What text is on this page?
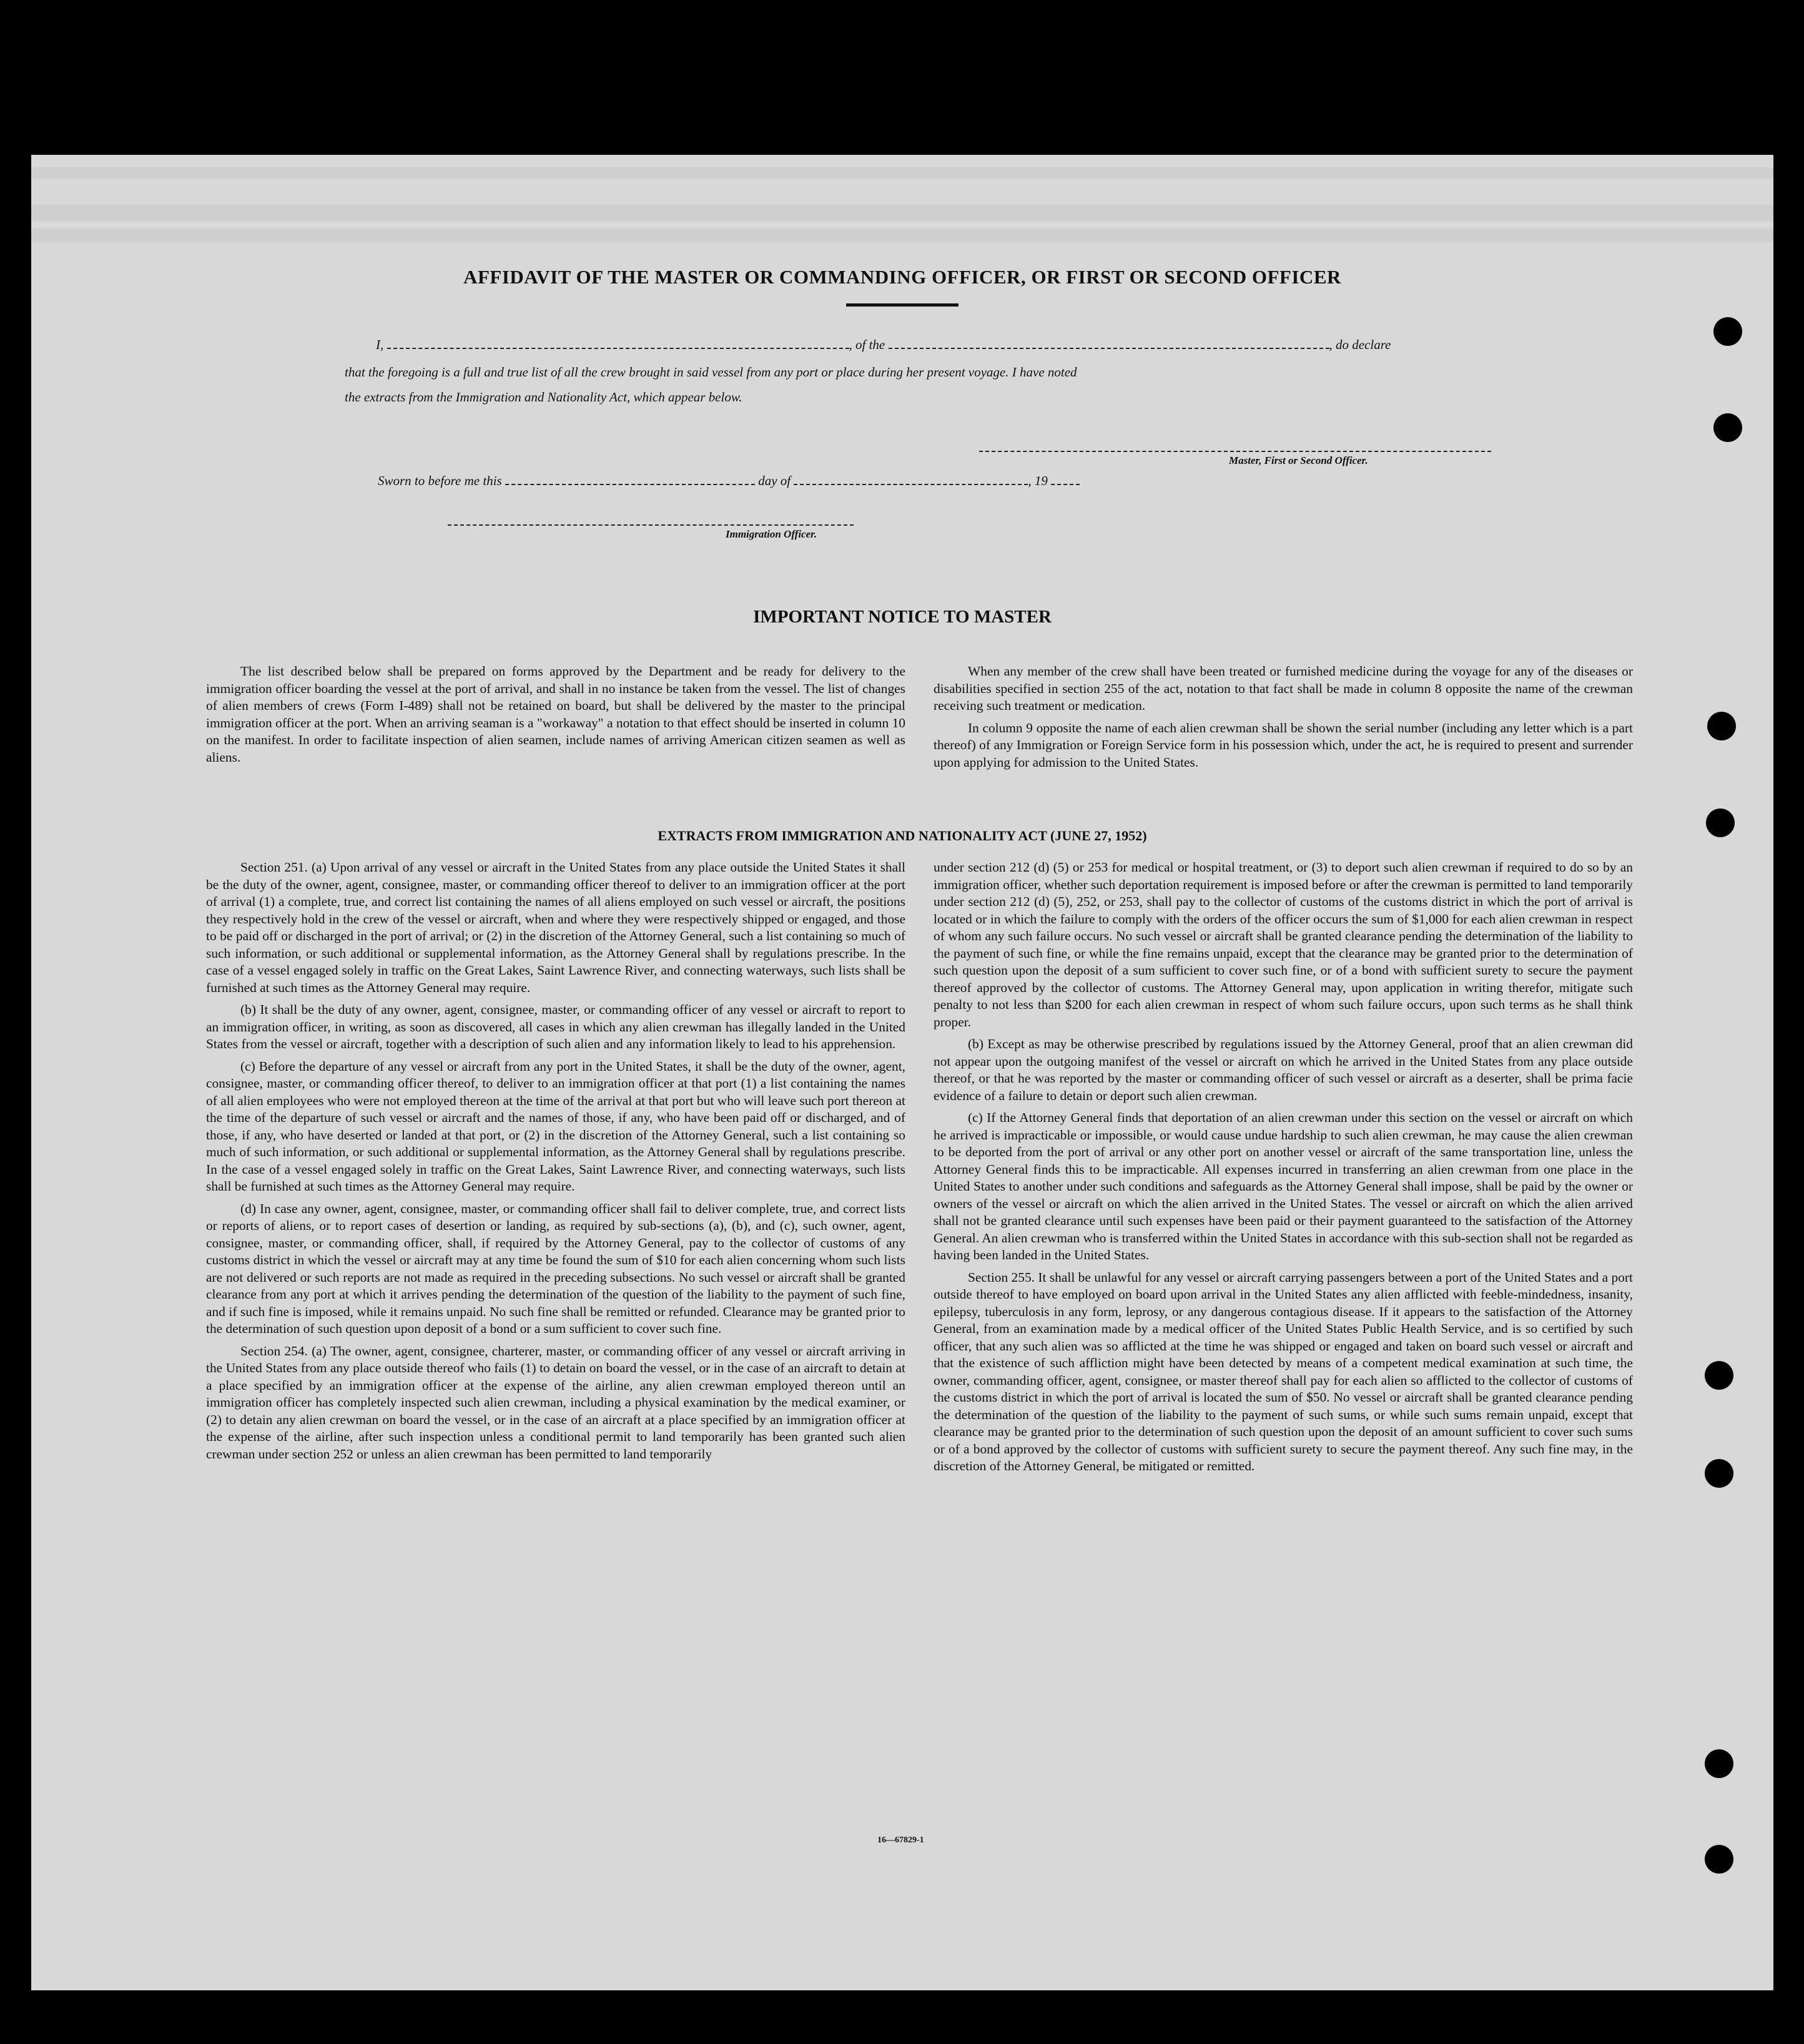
AFFIDAVIT OF THE MASTER OR COMMANDING OFFICER, OR FIRST OR SECOND OFFICER
I,	, of the	, do declare
that the foregoing is a full and true list of all the crew brought in said vessel from any port or place during her present voyage. I have noted
the extracts from the Immigration and Nationality Act, which appear below.
Master, First or Second Officer.
Sworn to before me this	day of	, 19
Immigration Officer.
IMPORTANT NOTICE TO MASTER

The list described below shall be prepared on forms approved by the Department and be ready for delivery to the immigration officer boarding the vessel at the port of arrival, and shall in no instance be taken from the vessel. The list of changes of alien members of crews (Form I-489) shall not be retained on board, but shall be delivered by the master to the principal immigration officer at the port. When an arriving seaman is a "workaway" a notation to that effect should be inserted in column 10 on the manifest. In order to facilitate inspection of alien seamen, include names of arriving American citizen seamen as well as aliens.

When any member of the crew shall have been treated or furnished medicine during the voyage for any of the diseases or disabilities specified in section 255 of the act, notation to that fact shall be made in column 8 opposite the name of the crewman receiving such treatment or medication.

In column 9 opposite the name of each alien crewman shall be shown the serial number (including any letter which is a part thereof) of any Immigration or Foreign Service form in his possession which, under the act, he is required to present and surrender upon applying for admission to the United States.

EXTRACTS FROM IMMIGRATION AND NATIONALITY ACT (JUNE 27, 1952)

Section 251. (a) Upon arrival of any vessel or aircraft in the United States from any place outside the United States it shall be the duty of the owner, agent, consignee, master, or commanding officer thereof to deliver to an immigration officer at the port of arrival (1) a complete, true, and correct list containing the names of all aliens employed on such vessel or aircraft, the positions they respectively hold in the crew of the vessel or aircraft, when and where they were respectively shipped or engaged, and those to be paid off or discharged in the port of arrival; or (2) in the discretion of the Attorney General, such a list containing so much of such information, or such additional or supplemental information, as the Attorney General shall by regulations prescribe. In the case of a vessel engaged solely in traffic on the Great Lakes, Saint Lawrence River, and connecting waterways, such lists shall be furnished at such times as the Attorney General may require.

(b) It shall be the duty of any owner, agent, consignee, master, or commanding officer of any vessel or aircraft to report to an immigration officer, in writing, as soon as discovered, all cases in which any alien crewman has illegally landed in the United States from the vessel or aircraft, together with a description of such alien and any information likely to lead to his apprehension.

(c) Before the departure of any vessel or aircraft from any port in the United States, it shall be the duty of the owner, agent, consignee, master, or commanding officer thereof, to deliver to an immigration officer at that port (1) a list containing the names of all alien employees who were not employed thereon at the time of the arrival at that port but who will leave such port thereon at the time of the departure of such vessel or aircraft and the names of those, if any, who have been paid off or discharged, and of those, if any, who have deserted or landed at that port, or (2) in the discretion of the Attorney General, such a list containing so much of such information, or such additional or supplemental information, as the Attorney General shall by regulations prescribe. In the case of a vessel engaged solely in traffic on the Great Lakes, Saint Lawrence River, and connecting waterways, such lists shall be furnished at such times as the Attorney General may require.

(d) In case any owner, agent, consignee, master, or commanding officer shall fail to deliver complete, true, and correct lists or reports of aliens, or to report cases of desertion or landing, as required by sub-sections (a), (b), and (c), such owner, agent, consignee, master, or commanding officer, shall, if required by the Attorney General, pay to the collector of customs of any customs district in which the vessel or aircraft may at any time be found the sum of $10 for each alien concerning whom such lists are not delivered or such reports are not made as required in the preceding subsections. No such vessel or aircraft shall be granted clearance from any port at which it arrives pending the determination of the question of the liability to the payment of such fine, and if such fine is imposed, while it remains unpaid. No such fine shall be remitted or refunded. Clearance may be granted prior to the determination of such question upon deposit of a bond or a sum sufficient to cover such fine.

Section 254. (a) The owner, agent, consignee, charterer, master, or commanding officer of any vessel or aircraft arriving in the United States from any place outside thereof who fails (1) to detain on board the vessel, or in the case of an aircraft to detain at a place specified by an immigration officer at the expense of the airline, any alien crewman employed thereon until an immigration officer has completely inspected such alien crewman, including a physical examination by the medical examiner, or (2) to detain any alien crewman on board the vessel, or in the case of an aircraft at a place specified by an immigration officer at the expense of the airline, after such inspection unless a conditional permit to land temporarily has been granted such alien crewman under section 252 or unless an alien crewman has been permitted to land temporarily

under section 212 (d) (5) or 253 for medical or hospital treatment, or (3) to deport such alien crewman if required to do so by an immigration officer, whether such deportation requirement is imposed before or after the crewman is permitted to land temporarily under section 212 (d) (5), 252, or 253, shall pay to the collector of customs of the customs district in which the port of arrival is located or in which the failure to comply with the orders of the officer occurs the sum of $1,000 for each alien crewman in respect of whom any such failure occurs. No such vessel or aircraft shall be granted clearance pending the determination of the liability to the payment of such fine, or while the fine remains unpaid, except that the clearance may be granted prior to the determination of such question upon the deposit of a sum sufficient to cover such fine, or of a bond with sufficient surety to secure the payment thereof approved by the collector of customs. The Attorney General may, upon application in writing therefor, mitigate such penalty to not less than $200 for each alien crewman in respect of whom such failure occurs, upon such terms as he shall think proper.

(b) Except as may be otherwise prescribed by regulations issued by the Attorney General, proof that an alien crewman did not appear upon the outgoing manifest of the vessel or aircraft on which he arrived in the United States from any place outside thereof, or that he was reported by the master or commanding officer of such vessel or aircraft as a deserter, shall be prima facie evidence of a failure to detain or deport such alien crewman.

(c) If the Attorney General finds that deportation of an alien crewman under this section on the vessel or aircraft on which he arrived is impracticable or impossible, or would cause undue hardship to such alien crewman, he may cause the alien crewman to be deported from the port of arrival or any other port on another vessel or aircraft of the same transportation line, unless the Attorney General finds this to be impracticable. All expenses incurred in transferring an alien crewman from one place in the United States to another under such conditions and safeguards as the Attorney General shall impose, shall be paid by the owner or owners of the vessel or aircraft on which the alien arrived in the United States. The vessel or aircraft on which the alien arrived shall not be granted clearance until such expenses have been paid or their payment guaranteed to the satisfaction of the Attorney General. An alien crewman who is transferred within the United States in accordance with this sub-section shall not be regarded as having been landed in the United States.

Section 255. It shall be unlawful for any vessel or aircraft carrying passengers between a port of the United States and a port outside thereof to have employed on board upon arrival in the United States any alien afflicted with feeble-mindedness, insanity, epilepsy, tuberculosis in any form, leprosy, or any dangerous contagious disease. If it appears to the satisfaction of the Attorney General, from an examination made by a medical officer of the United States Public Health Service, and is so certified by such officer, that any such alien was so afflicted at the time he was shipped or engaged and taken on board such vessel or aircraft and that the existence of such affliction might have been detected by means of a competent medical examination at such time, the owner, commanding officer, agent, consignee, or master thereof shall pay for each alien so afflicted to the collector of customs of the customs district in which the port of arrival is located the sum of $50. No vessel or aircraft shall be granted clearance pending the determination of the question of the liability to the payment of such sums, or while such sums remain unpaid, except that clearance may be granted prior to the determination of such question upon the deposit of an amount sufficient to cover such sums or of a bond approved by the collector of customs with sufficient surety to secure the payment thereof. Any such fine may, in the discretion of the Attorney General, be mitigated or remitted.

16—67829-1
